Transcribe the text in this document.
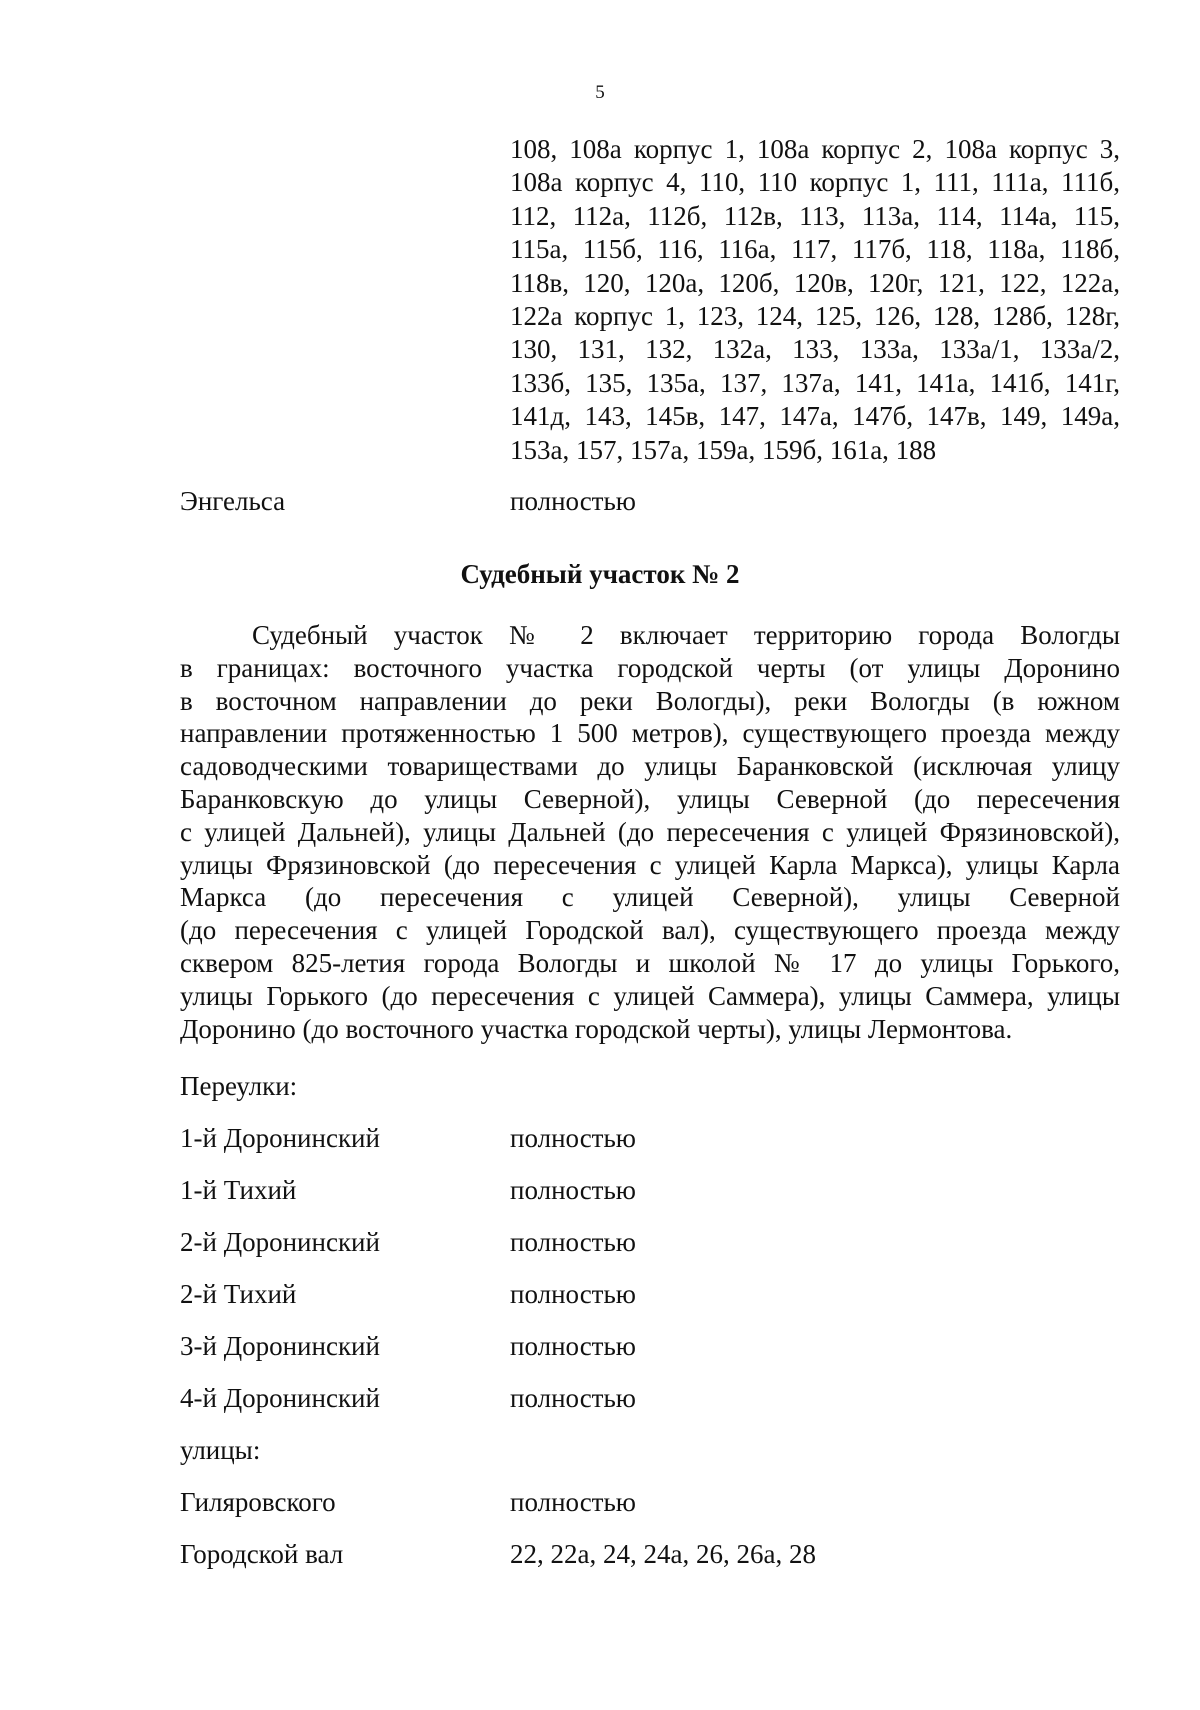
5
108, 108а корпус 1, 108а корпус 2, 108а корпус 3,
108а корпус 4, 110, 110 корпус 1, 111, 111а, 111б,
112, 112а, 112б, 112в, 113, 113а, 114, 114а, 115,
115а, 115б, 116, 116а, 117, 117б, 118, 118а, 118б,
118в, 120, 120а, 120б, 120в, 120г, 121, 122, 122а,
122а корпус 1, 123, 124, 125, 126, 128, 128б, 128г,
130, 131, 132, 132а, 133, 133а, 133а/1, 133а/2,
133б, 135, 135а, 137, 137а, 141, 141а, 141б, 141г,
141д, 143, 145в, 147, 147а, 147б, 147в, 149, 149а,
153а, 157, 157а, 159а, 159б, 161а, 188
Энгельса	полностью
Судебный участок № 2
Судебный участок № 2 включает территорию города Вологды
в границах: восточного участка городской черты (от улицы Доронино
в восточном направлении до реки Вологды), реки Вологды (в южном
направлении протяженностью 1 500 метров), существующего проезда между
садоводческими товариществами до улицы Баранковской (исключая улицу
Баранковскую до улицы Северной), улицы Северной (до пересечения
с улицей Дальней), улицы Дальней (до пересечения с улицей Фрязиновской),
улицы Фрязиновской (до пересечения с улицей Карла Маркса), улицы Карла
Маркса (до пересечения с улицей Северной), улицы Северной
(до пересечения с улицей Городской вал), существующего проезда между
сквером 825-летия города Вологды и школой № 17 до улицы Горького,
улицы Горького (до пересечения с улицей Саммера), улицы Саммера, улицы
Доронино (до восточного участка городской черты), улицы Лермонтова.
Переулки:
1-й Доронинский	полностью
1-й Тихий	полностью
2-й Доронинский	полностью
2-й Тихий	полностью
3-й Доронинский	полностью
4-й Доронинский	полностью
улицы:
Гиляровского	полностью
Городской вал	22, 22а, 24, 24а, 26, 26а, 28
